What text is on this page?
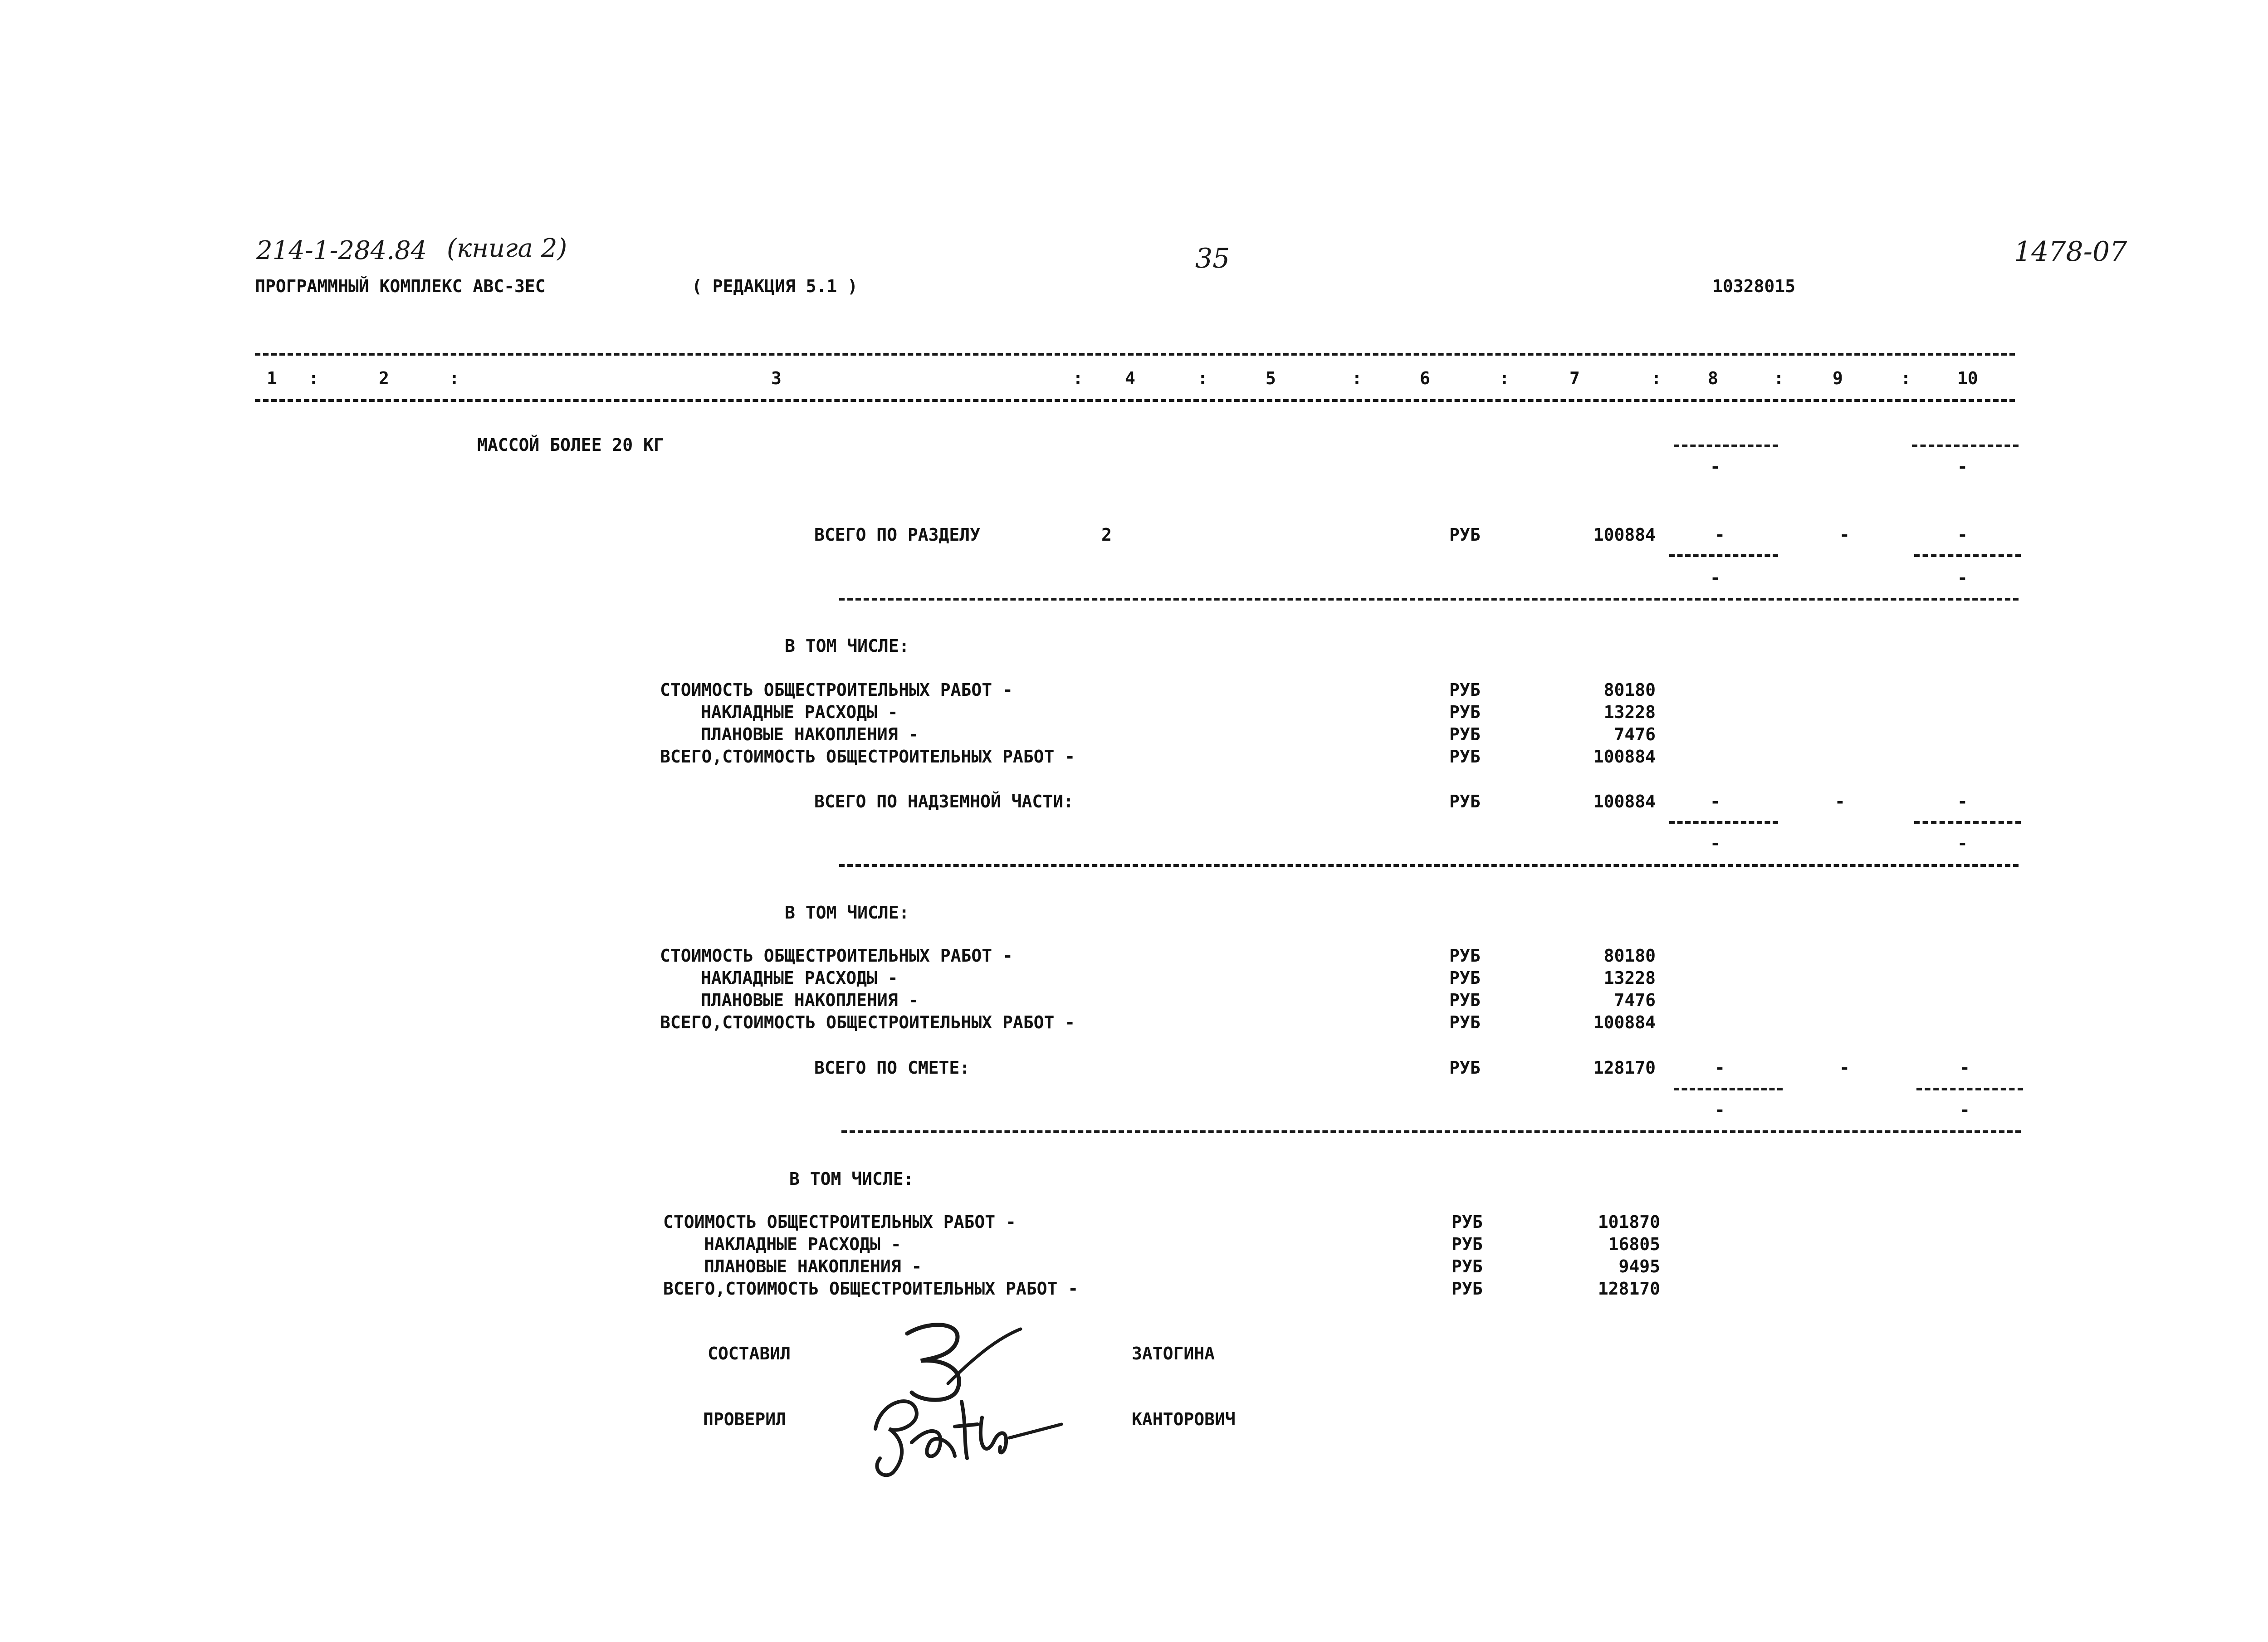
214-1-284.84 (книга 2)	35	1478-07
ПРОГРАММНЫЙ КОМПЛЕКС АВС-3ЕС	( РЕДАКЦИЯ 5.1 )	10328015
1 :	2	:	3	: 4	:	5	:	6	:	7	:	8	:	9	:	10
МАССОЙ БОЛЕЕ 20 КГ
-	-
ВСЕГО ПО РАЗДЕЛУ	2	РУБ	100884	-	-	-
-	-
В ТОМ ЧИСЛЕ:
СТОИМОСТЬ ОБЩЕСТРОИТЕЛЬНЫХ РАБОТ -	РУБ	80180
НАКЛАДНЫЕ РАСХОДЫ -	РУБ	13228
ПЛАНОВЫЕ НАКОПЛЕНИЯ -	РУБ	7476
ВСЕГО,СТОИМОСТЬ ОБЩЕСТРОИТЕЛЬНЫХ РАБОТ -	РУБ	100884
ВСЕГО ПО НАДЗЕМНОЙ ЧАСТИ:	РУБ	100884	-	-	-
-	-
В ТОМ ЧИСЛЕ:
СТОИМОСТЬ ОБЩЕСТРОИТЕЛЬНЫХ РАБОТ -	РУБ	80180
НАКЛАДНЫЕ РАСХОДЫ -	РУБ	13228
ПЛАНОВЫЕ НАКОПЛЕНИЯ -	РУБ	7476
ВСЕГО,СТОИМОСТЬ ОБЩЕСТРОИТЕЛЬНЫХ РАБОТ -	РУБ	100884
ВСЕГО ПО СМЕТЕ:	РУБ	128170	-	-	-
-	-
В ТОМ ЧИСЛЕ:
СТОИМОСТЬ ОБЩЕСТРОИТЕЛЬНЫХ РАБОТ -	РУБ	101870
НАКЛАДНЫЕ РАСХОДЫ -	РУБ	16805
ПЛАНОВЫЕ НАКОПЛЕНИЯ -	РУБ	9495
ВСЕГО,СТОИМОСТЬ ОБЩЕСТРОИТЕЛЬНЫХ РАБОТ -	РУБ	128170
СОСТАВИЛ	ЗАТОГИНА
ПРОВЕРИЛ	КАНТОРОВИЧ
